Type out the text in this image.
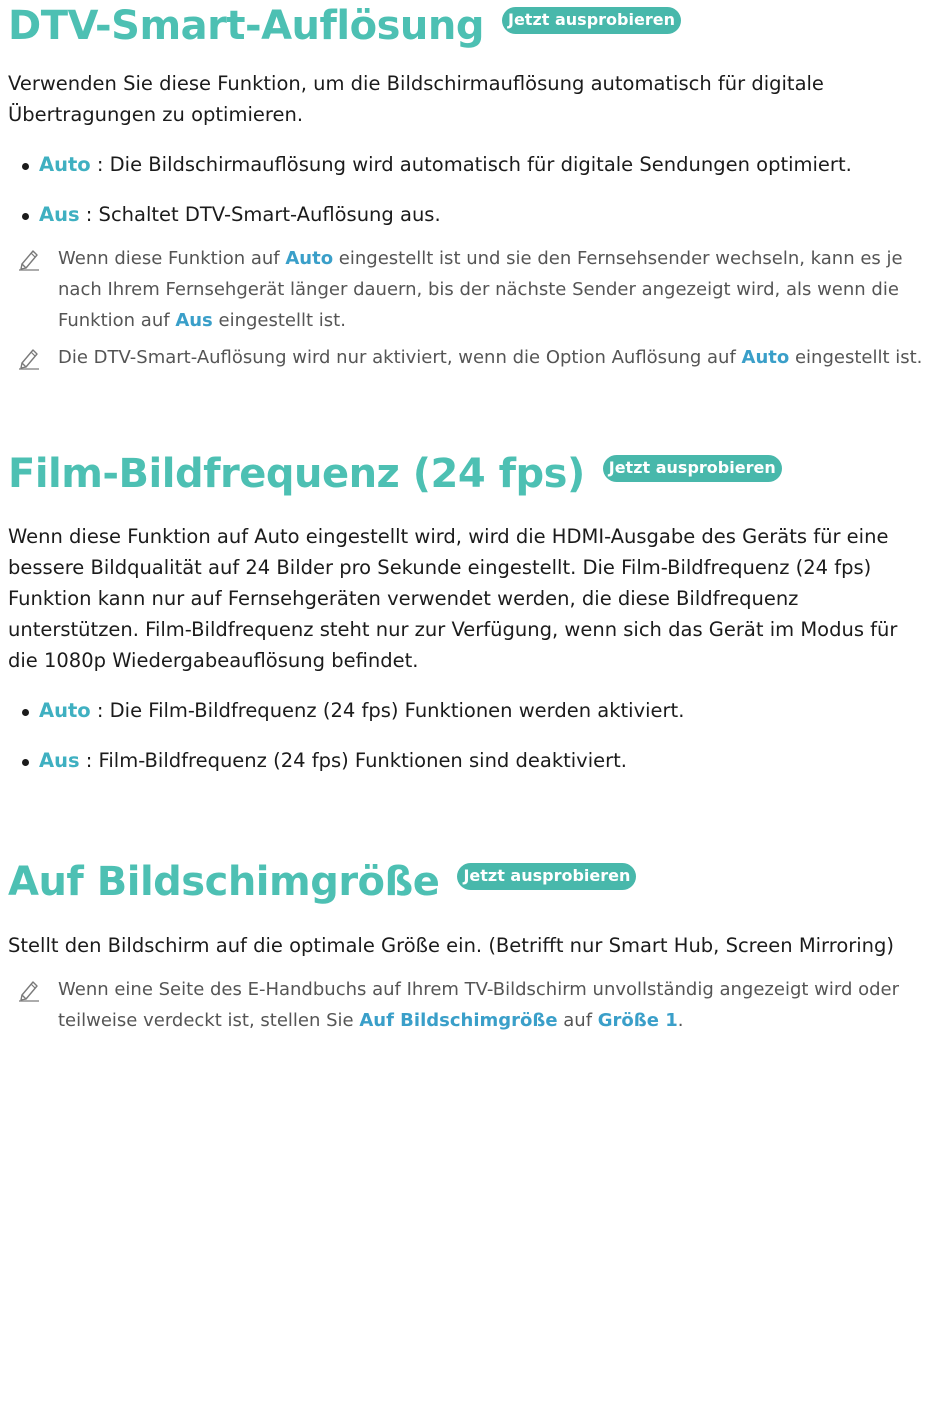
DTV-Smart-Auflösung	Jetzt ausprobieren

Verwenden Sie diese Funktion, um die Bildschirmauflösung automatisch für digitale Übertragungen zu optimieren.

Auto : Die Bildschirmauflösung wird automatisch für digitale Sendungen optimiert.
Aus : Schaltet DTV-Smart-Auflösung aus.
Wenn diese Funktion auf Auto eingestellt ist und sie den Fernsehsender wechseln, kann es je nach Ihrem Fernsehgerät länger dauern, bis der nächste Sender angezeigt wird, als wenn die Funktion auf Aus eingestellt ist.
Die DTV-Smart-Auflösung wird nur aktiviert, wenn die Option Auflösung auf Auto eingestellt ist.
Film-Bildfrequenz (24 fps)	Jetzt ausprobieren

Wenn diese Funktion auf Auto eingestellt wird, wird die HDMI-Ausgabe des Geräts für eine bessere Bildqualität auf 24 Bilder pro Sekunde eingestellt. Die Film-Bildfrequenz (24 fps) Funktion kann nur auf Fernsehgeräten verwendet werden, die diese Bildfrequenz unterstützen. Film-Bildfrequenz steht nur zur Verfügung, wenn sich das Gerät im Modus für die 1080p Wiedergabeauflösung befindet.

Auto : Die Film-Bildfrequenz (24 fps) Funktionen werden aktiviert.
Aus : Film-Bildfrequenz (24 fps) Funktionen sind deaktiviert.
Auf Bildschimgröße	Jetzt ausprobieren

Stellt den Bildschirm auf die optimale Größe ein. (Betrifft nur Smart Hub, Screen Mirroring)

Wenn eine Seite des E-Handbuchs auf Ihrem TV-Bildschirm unvollständig angezeigt wird oder teilweise verdeckt ist, stellen Sie Auf Bildschimgröße auf Größe 1.
